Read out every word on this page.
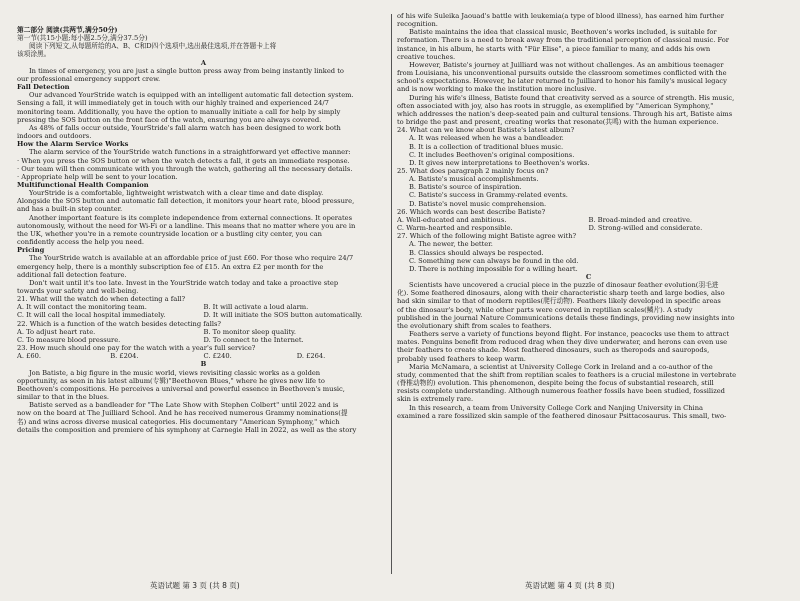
第二部分 阅读(共两节,满分50分)
第一节(共15小题;每小题2.5分,满分37.5分)
阅读下列短文,从每题所给的A、B、C和D四个选项中,选出最佳选项,并在答题卡上将
该项涂黑。
A
In times of emergency, you are just a single button press away from being instantly linked to
our professional emergency support crew.
Fall Detection
Our advanced YourStride watch is equipped with an intelligent automatic fall detection system.
Sensing a fall, it will immediately get in touch with our highly trained and experienced 24/7
monitoring team. Additionally, you have the option to manually initiate a call for help by simply
pressing the SOS button on the front face of the watch, ensuring you are always covered.
As 48% of falls occur outside, YourStride's fall alarm watch has been designed to work both
indoors and outdoors.
How the Alarm Service Works
The alarm service of the YourStride watch functions in a straightforward yet effective manner:
· When you press the SOS button or when the watch detects a fall, it gets an immediate response.
· Our team will then communicate with you through the watch, gathering all the necessary details.
· Appropriate help will be sent to your location.
Multifunctional Health Companion
YourStride is a comfortable, lightweight wristwatch with a clear time and date display.
Alongside the SOS button and automatic fall detection, it monitors your heart rate, blood pressure,
and has a built-in step counter.
Another important feature is its complete independence from external connections. It operates
autonomously, without the need for Wi-Fi or a landline. This means that no matter where you are in
the UK, whether you're in a remote countryside location or a bustling city center, you can
confidently access the help you need.
Pricing
The YourStride watch is available at an affordable price of just £60. For those who require 24/7
emergency help, there is a monthly subscription fee of £15. An extra £2 per month for the
additional fall detection feature.
Don't wait until it's too late. Invest in the YourStride watch today and take a proactive step
towards your safety and well-being.
21. What will the watch do when detecting a fall?
A. It will contact the monitoring team.	B. It will activate a loud alarm.
C. It will call the local hospital immediately.	D. It will initiate the SOS button automatically.
22. Which is a function of the watch besides detecting falls?
A. To adjust heart rate.	B. To monitor sleep quality.
C. To measure blood pressure.	D. To connect to the Internet.
23. How much should one pay for the watch with a year's full service?
A. £60.	B. £204.	C. £240.	D. £264.
B
Jon Batiste, a big figure in the music world, views revisiting classic works as a golden
opportunity, as seen in his latest album(专辑)"Beethoven Blues," where he gives new life to
Beethoven's compositions. He perceives a universal and powerful essence in Beethoven's music,
similar to that in the blues.
Batiste served as a bandleader for "The Late Show with Stephen Colbert" until 2022 and is
now on the board at The Juilliard School. And he has received numerous Grammy nominations(提
名) and wins across diverse musical categories. His documentary "American Symphony," which
details the composition and premiere of his symphony at Carnegie Hall in 2022, as well as the story
of his wife Suleika Jaouad's battle with leukemia(a type of blood illness), has earned him further
recognition.
Batiste maintains the idea that classical music, Beethoven's works included, is suitable for
reformation. There is a need to break away from the traditional perception of classical music. For
instance, in his album, he starts with "Für Elise", a piece familiar to many, and adds his own
creative touches.
However, Batiste's journey at Juilliard was not without challenges. As an ambitious teenager
from Louisiana, his unconventional pursuits outside the classroom sometimes conflicted with the
school's expectations. However, he later returned to Juilliard to honor his family's musical legacy
and is now working to make the institution more inclusive.
During his wife's illness, Batiste found that creativity served as a source of strength. His music,
often associated with joy, also has roots in struggle, as exemplified by "American Symphony,"
which addresses the nation's deep-seated pain and cultural tensions. Through his art, Batiste aims
to bridge the past and present, creating works that resonate(共鸣) with the human experience.
24. What can we know about Batiste's latest album?
A. It was released when he was a bandleader.
B. It is a collection of traditional blues music.
C. It includes Beethoven's original compositions.
D. It gives new interpretations to Beethoven's works.
25. What does paragraph 2 mainly focus on?
A. Batiste's musical accomplishments.
B. Batiste's source of inspiration.
C. Batiste's success in Grammy-related events.
D. Batiste's novel music comprehension.
26. Which words can best describe Batiste?
A. Well-educated and ambitious.	B. Broad-minded and creative.
C. Warm-hearted and responsible.	D. Strong-willed and considerate.
27. Which of the following might Batiste agree with?
A. The newer, the better.
B. Classics should always be respected.
C. Something new can always be found in the old.
D. There is nothing impossible for a willing heart.
C
Scientists have uncovered a crucial piece in the puzzle of dinosaur feather evolution(羽毛进
化). Some feathered dinosaurs, along with their characteristic sharp teeth and large bodies, also
had skin similar to that of modern reptiles(爬行动物). Feathers likely developed in specific areas
of the dinosaur's body, while other parts were covered in reptilian scales(鳞片). A study
published in the journal Nature Communications details these findings, providing new insights into
the evolutionary shift from scales to feathers.
Feathers serve a variety of functions beyond flight. For instance, peacocks use them to attract
mates. Penguins benefit from reduced drag when they dive underwater, and herons can even use
their feathers to create shade. Most feathered dinosaurs, such as theropods and sauropods,
probably used feathers to keep warm.
Maria McNamara, a scientist at University College Cork in Ireland and a co-author of the
study, commented that the shift from reptilian scales to feathers is a crucial milestone in vertebrate
(脊椎动物的) evolution. This phenomenon, despite being the focus of substantial research, still
resists complete understanding. Although numerous feather fossils have been studied, fossilized
skin is extremely rare.
In this research, a team from University College Cork and Nanjing University in China
examined a rare fossilized skin sample of the feathered dinosaur Psittacosaurus. This small, two-
英语试题 第 3 页 (共 8 页)	英语试题 第 4 页 (共 8 页)
